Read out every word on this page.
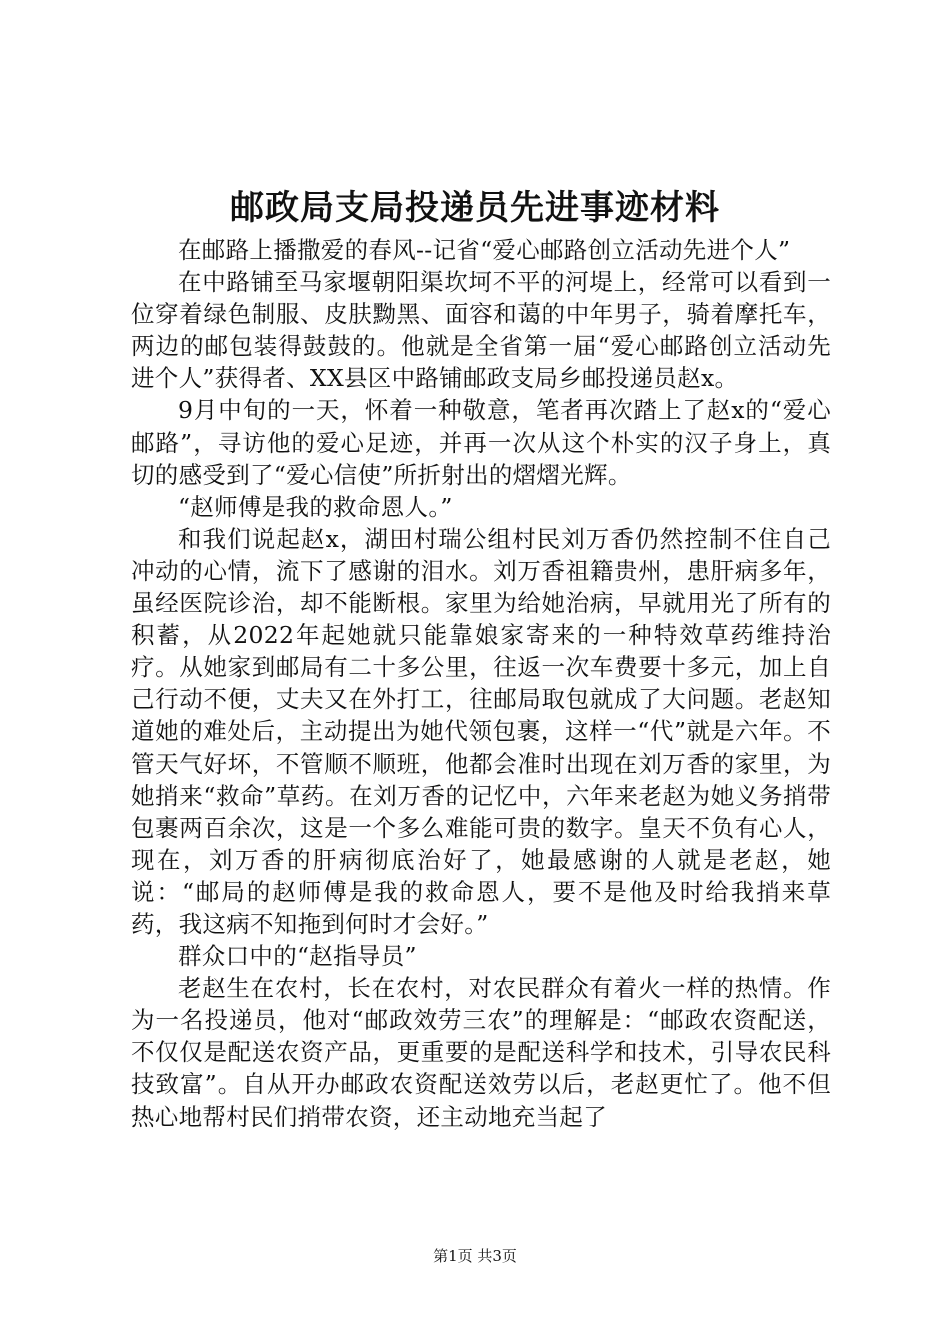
邮政局支局投递员先进事迹材料

在邮路上播撒爱的春风--记省“爱心邮路创立活动先进个人”

在中路铺至马家堰朝阳渠坎坷不平的河堤上，经常可以看到一位穿着绿色制服、皮肤黝黑、面容和蔼的中年男子，骑着摩托车，两边的邮包装得鼓鼓的。他就是全省第一届“爱心邮路创立活动先进个人”获得者、XX县区中路铺邮政支局乡邮投递员赵x。

9月中旬的一天，怀着一种敬意，笔者再次踏上了赵x的“爱心邮路”，寻访他的爱心足迹，并再一次从这个朴实的汉子身上，真切的感受到了“爱心信使”所折射出的熠熠光辉。

“赵师傅是我的救命恩人。”

和我们说起赵x，湖田村瑞公组村民刘万香仍然控制不住自己冲动的心情，流下了感谢的泪水。刘万香祖籍贵州，患肝病多年，虽经医院诊治，却不能断根。家里为给她治病，早就用光了所有的积蓄，从2022年起她就只能靠娘家寄来的一种特效草药维持治疗。从她家到邮局有二十多公里，往返一次车费要十多元，加上自己行动不便，丈夫又在外打工，往邮局取包就成了大问题。老赵知道她的难处后，主动提出为她代领包裹，这样一“代”就是六年。不管天气好坏，不管顺不顺班，他都会准时出现在刘万香的家里，为她捎来“救命”草药。在刘万香的记忆中，六年来老赵为她义务捎带包裹两百余次，这是一个多么难能可贵的数字。皇天不负有心人，现在，刘万香的肝病彻底治好了，她最感谢的人就是老赵，她说：“邮局的赵师傅是我的救命恩人，要不是他及时给我捎来草药，我这病不知拖到何时才会好。”

群众口中的“赵指导员”

老赵生在农村，长在农村，对农民群众有着火一样的热情。作为一名投递员，他对“邮政效劳三农”的理解是：“邮政农资配送，不仅仅是配送农资产品，更重要的是配送科学和技术，引导农民科技致富”。自从开办邮政农资配送效劳以后，老赵更忙了。他不但热心地帮村民们捎带农资，还主动地充当起了

第1页 共3页
